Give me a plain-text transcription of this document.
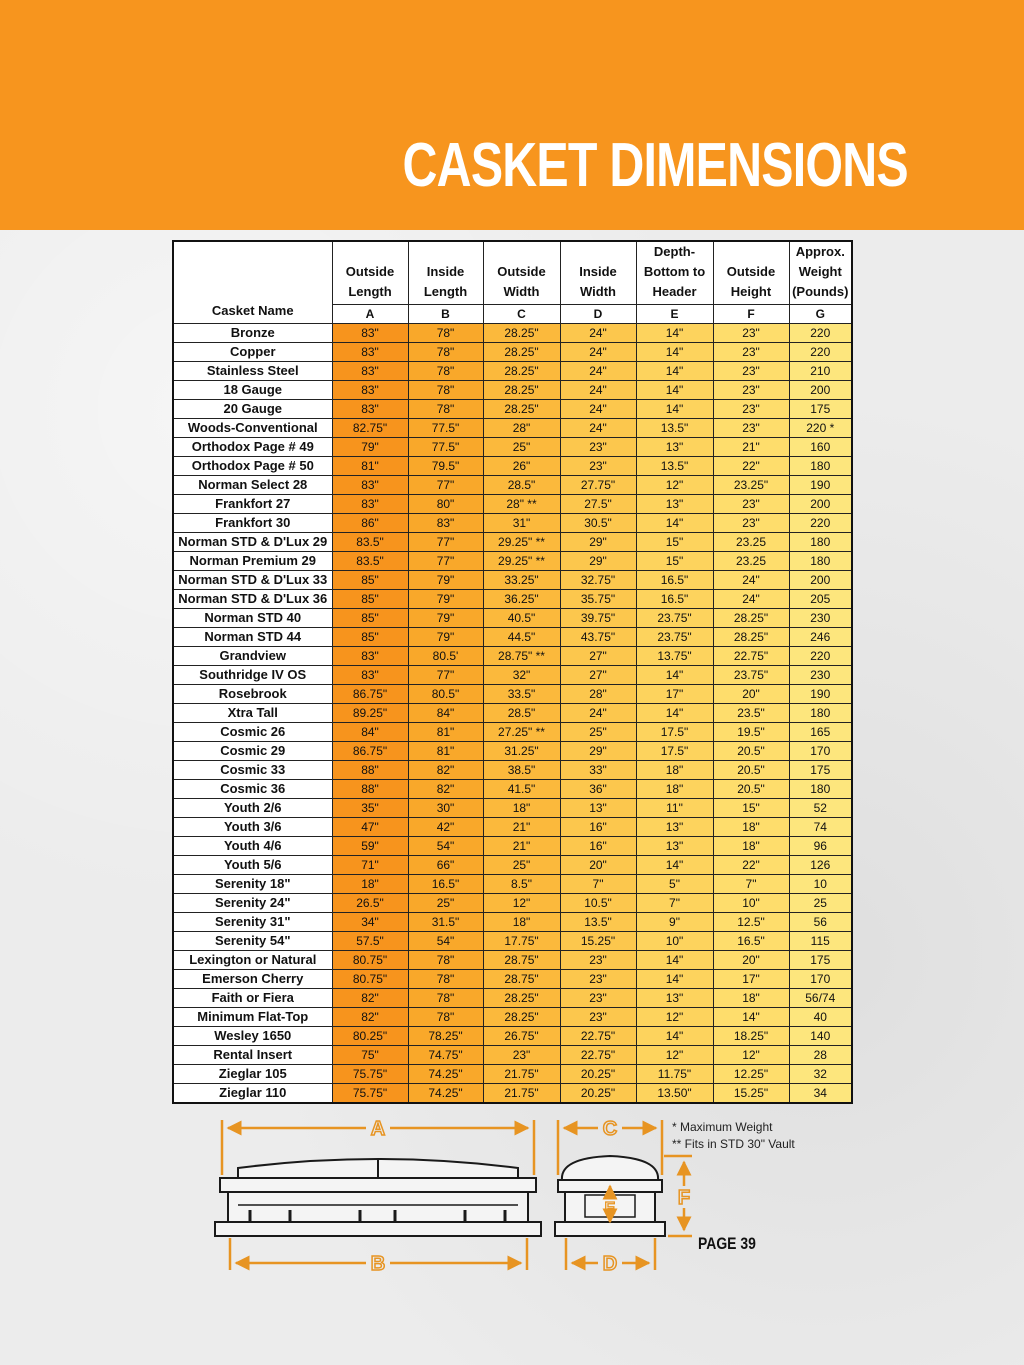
CASKET DIMENSIONS
Casket Name	Outside Length	Inside Length	Outside Width	Inside Width	Depth- Bottom to Header	Outside Height	Approx. Weight (Pounds)
	A	B	C	D	E	F	G
Bronze	83"	78"	28.25"	24"	14"	23"	220
Copper	83"	78"	28.25"	24"	14"	23"	220
Stainless Steel	83"	78"	28.25"	24"	14"	23"	210
18 Gauge	83"	78"	28.25"	24"	14"	23"	200
20 Gauge	83"	78"	28.25"	24"	14"	23"	175
Woods-Conventional	82.75"	77.5"	28"	24"	13.5"	23"	220 *
Orthodox Page # 49	79"	77.5"	25"	23"	13"	21"	160
Orthodox Page # 50	81"	79.5"	26"	23"	13.5"	22"	180
Norman Select 28	83"	77"	28.5"	27.75"	12"	23.25"	190
Frankfort 27	83"	80"	28" **	27.5"	13"	23"	200
Frankfort 30	86"	83"	31"	30.5"	14"	23"	220
Norman STD & D'Lux 29	83.5"	77"	29.25" **	29"	15"	23.25	180
Norman Premium 29	83.5"	77"	29.25" **	29"	15"	23.25	180
Norman STD & D'Lux 33	85"	79"	33.25"	32.75"	16.5"	24"	200
Norman STD & D'Lux 36	85"	79"	36.25"	35.75"	16.5"	24"	205
Norman STD 40	85"	79"	40.5"	39.75"	23.75"	28.25"	230
Norman STD 44	85"	79"	44.5"	43.75"	23.75"	28.25"	246
Grandview	83"	80.5'	28.75" **	27"	13.75"	22.75"	220
Southridge IV OS	83"	77"	32"	27"	14"	23.75"	230
Rosebrook	86.75"	80.5"	33.5"	28"	17"	20"	190
Xtra Tall	89.25"	84"	28.5"	24"	14"	23.5"	180
Cosmic 26	84"	81"	27.25" **	25"	17.5"	19.5"	165
Cosmic 29	86.75"	81"	31.25"	29"	17.5"	20.5"	170
Cosmic 33	88"	82"	38.5"	33"	18"	20.5"	175
Cosmic 36	88"	82"	41.5"	36"	18"	20.5"	180
Youth 2/6	35"	30"	18"	13"	11"	15"	52
Youth 3/6	47"	42"	21"	16"	13"	18"	74
Youth 4/6	59"	54"	21"	16"	13"	18"	96
Youth 5/6	71"	66"	25"	20"	14"	22"	126
Serenity 18"	18"	16.5"	8.5"	7"	5"	7"	10
Serenity 24"	26.5"	25"	12"	10.5"	7"	10"	25
Serenity 31"	34"	31.5"	18"	13.5"	9"	12.5"	56
Serenity 54"	57.5"	54"	17.75"	15.25"	10"	16.5"	115
Lexington or Natural	80.75"	78"	28.75"	23"	14"	20"	175
Emerson Cherry	80.75"	78"	28.75"	23"	14"	17"	170
Faith or Fiera	82"	78"	28.25"	23"	13"	18"	56/74
Minimum Flat-Top	82"	78"	28.25"	23"	12"	14"	40
Wesley 1650	80.25"	78.25"	26.75"	22.75"	14"	18.25"	140
Rental Insert	75"	74.75"	23"	22.75"	12"	12"	28
Zieglar 105	75.75"	74.25"	21.75"	20.25"	11.75"	12.25"	32
Zieglar 110	75.75"	74.25"	21.75"	20.25"	13.50"	15.25"	34
A
B
C
D
E	F
* Maximum Weight
** Fits in STD 30" Vault
PAGE 39
